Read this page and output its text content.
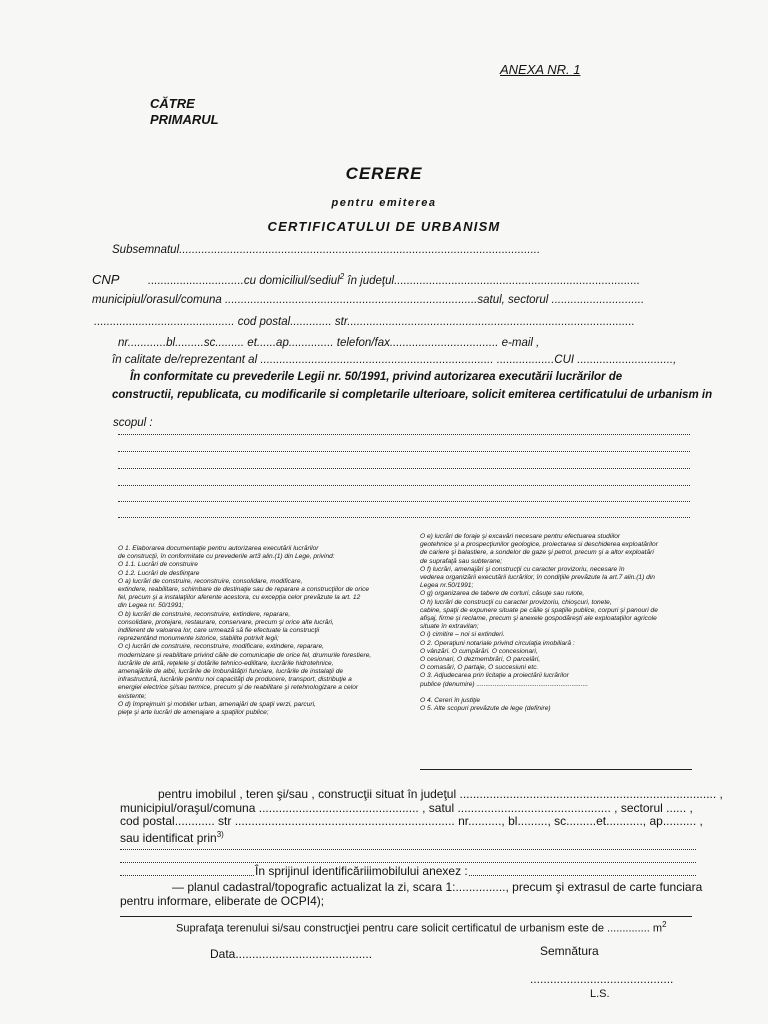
ANEXA NR. 1
CĂTRE
PRIMARUL
CERERE
pentru emiterea
CERTIFICATULUI DE URBANISM
Subsemnatul.................................................................................................................
CNP ..............................cu domiciliul/sediul$^2$ în judeţul.............................................................................
municipiul/orasul/comuna ...............................................................................satul, sectorul .............................
............................................ cod postal............. str..........................................................................................
nr............bl.........sc......... et......ap.............. telefon/fax.................................. e-mail ,
în calitate de/reprezentant al ......................................................................... ..................CUI ..............................,
În conformitate cu prevederile Legii nr. 50/1991, privind autorizarea executării lucrărilor de
constructii, republicata, cu modificarile si completarile ulterioare, solicit emiterea certificatului de urbanism in
scopul :
O 1. Elaborarea documentaţie pentru autorizarea executării lucrărilor
de construcţii, în conformitate cu prevederile art3 alin.(1) din Lege, privind:
O 1.1. Lucrări de construire
O 1.2. Lucrări de desfiinţare
O a) lucrări de construire, reconstruire, consolidare, modificare,
extindere, reabilitare, schimbare de destinaţie sau de reparare a construcţiilor de orice
fel, precum şi a instalaţiilor aferente acestora, cu excepţia celor prevăzute la art. 12
din Legea nr. 50/1991;
O b) lucrări de construire, reconstruire, extindere, reparare,
consolidare, protejare, restaurare, conservare, precum şi orice alte lucrări,
indiferent de valoarea lor, care urmează să fie efectuate la construcţii
reprezentând monumente istorice, stabilite potrivit legii;
O c) lucrări de construire, reconstruire, modificare, extindere, reparare,
modernizare şi reabilitare privind căile de comunicaţie de orice fel, drumurile forestiere,
lucrările de artă, reţelele şi dotările tehnico-edilitare, lucrările hidrotehnice,
amenajările de albii, lucrările de îmbunătăţiri funciare, lucrările de instalaţii de
infrastructură, lucrările pentru noi capacităţi de producere, transport, distribuţie a
energiei electrice şi/sau termice, precum şi de reabilitare şi retehnologizare a celor
existente;
O d) împrejmuiri şi mobilier urban, amenajări de spaţii verzi, parcuri,
pieţe şi arte lucrări de amenajare a spaţiilor publice;
O e) lucrări de foraje şi excavări necesare pentru efectuarea studiilor
geotehnice şi a prospecţiunilor geologice, proiectarea si deschiderea exploatărilor
de cariere şi balastiere, a sondelor de gaze şi petrol, precum şi a altor exploatări
de suprafaţă sau subterane;
O f) lucrări, amenajări şi construcţii cu caracter provizoriu, necesare în
vederea organizării executării lucrărilor, în condiţiile prevăzute la art.7 alin.(1) din
Legea nr.50/1991;
O g) organizarea de tabere de corturi, căsuţe sau rulote,
O h) lucrări de construcţii cu caracter provizoriu, chioşcuri, tonete,
cabine, spaţii de expunere situate pe căile şi spaţiile publice, corpuri şi panouri de
afişaj, firme şi reclame, precum şi anexele gospodăreşti ale exploataţiilor agricole
situate în extravilan;
O i) cimitire – noi si extinderi.
O 2. Operaţiuni notariale privind circulaţia imobiliară :
O vânzări. O cumpărări. O concesionari,
O cesionari, O dezmembrări, O parcelări,
O comasări, O partaje, O succesiuni etc.
O 3. Adjudecarea prin licitaţie a proiectării lucrărilor
publice (denumire) .............................................................

O 4. Cereri în justiţie
O 5. Alte scopuri prevăzute de lege (definire)
pentru imobilul , teren şi/sau , construcţii situat în judeţul ............................................................................. ,
municipiul/oraşul/comuna ................................................ , satul .............................................. , sectorul ...... ,
cod postal............ str .................................................................. nr.........., bl........., sc.........et..........., ap.......... ,
sau identificat prin$^{3)}$
În sprijinul identificăriiimobilului anexez :
— planul cadastral/topografic actualizat la zi, scara 1:..............., precum şi extrasul de carte funciara
pentru informare, eliberate de OCPI4);
Suprafaţa terenului si/sau construcţiei pentru care solicit certificatul de urbanism este de .............. $m^2$
Data.........................................	Semnătura
...........................................
L.S.
